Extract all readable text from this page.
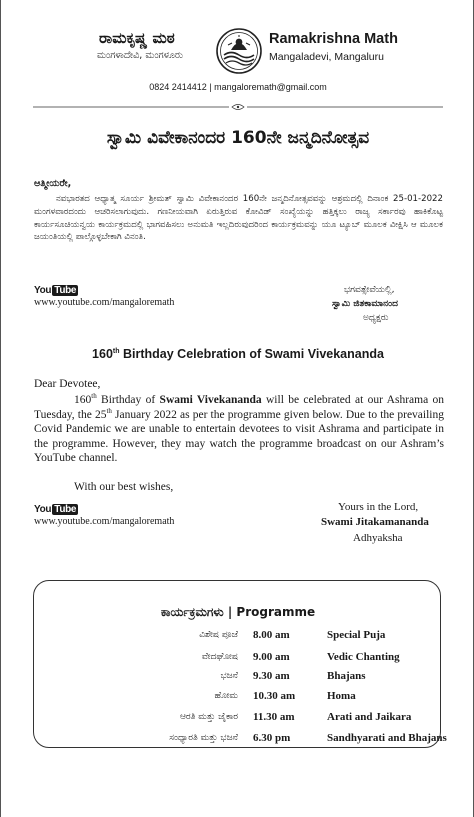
ರಾಮಕೃಷ್ಣ ಮಠ
ಮಂಗಳಾದೇವಿ, ಮಂಗಳೂರು
Ramakrishna Math
Mangaladevi, Mangaluru
0824 2414412 | mangaloremath@gmail.com
ಸ್ವಾಮಿ ವಿವೇಕಾನಂದರ 160ನೇ ಜನ್ಮದಿನೋತ್ಸವ
ಆತ್ಮೀಯರೇ,
ನವಭಾರತದ ಆಧ್ಯಾತ್ಮ ಸೂರ್ಯ ಶ್ರೀಮತ್ ಸ್ವಾಮಿ ವಿವೇಕಾನಂದರ 160ನೇ ಜನ್ಮದಿನೋತ್ಸವವನ್ನು ಆಶ್ರಮದಲ್ಲಿ ದಿನಾಂಕ 25-01-2022 ಮಂಗಳವಾರದಂದು ಆಚರಿಸಲಾಗುವುದು. ಗಣನೀಯವಾಗಿ ಏರುತ್ತಿರುವ ಕೋವಿಡ್ ಸಂಖ್ಯೆಯನ್ನು ಹತ್ತಿಕ್ಕಲು ರಾಜ್ಯ ಸರ್ಕಾರವು ಹಾಕಿಕೊಟ್ಟ ಕಾರ್ಯಸೂಚಿಯನ್ವಯ ಕಾರ್ಯಕ್ರಮದಲ್ಲಿ ಭಾಗವಹಿಸಲು ಅನುಮತಿ ಇಲ್ಲದಿರುವುದರಿಂದ ಕಾರ್ಯಕ್ರಮವನ್ನು ಯೂ ಟ್ಯೂಬ್ ಮೂಲಕ ವೀಕ್ಷಿಸಿ ಆ ಮೂಲಕ ಜಯಂತಿಯಲ್ಲಿ ಪಾಲ್ಗೊಳ್ಳಬೇಕಾಗಿ ವಿನಂತಿ.
You Tube
www.youtube.com/mangaloremath
ಭಗವತ್ಸೇವೆಯಲ್ಲಿ,
ಸ್ವಾಮಿ ಜಿತಕಾಮಾನಂದ
ಅಧ್ಯಕ್ಷರು
160th Birthday Celebration of Swami Vivekananda
Dear Devotee,
160th Birthday of Swami Vivekananda will be celebrated at our Ashrama on Tuesday, the 25th January 2022 as per the programme given below. Due to the prevailing Covid Pandemic we are unable to entertain devotees to visit Ashrama and participate in the programme. However, they may watch the programme broadcast on our Ashram’s YouTube channel.
With our best wishes,
You Tube
www.youtube.com/mangaloremath
Yours in the Lord,
Swami Jitakamananda
Adhyaksha
ಕಾರ್ಯಕ್ರಮಗಳು | Programme
ವಿಶೇಷ ಪೂಜೆ 8.00 am	Special Puja
ವೇದಘೋಷ 9.00 am	Vedic Chanting
ಭಜನೆ 9.30 am	Bhajans
ಹೋಮ 10.30 am	Homa
ಆರತಿ ಮತ್ತು ಜೈಕಾರ 11.30 am	Arati and Jaikara
ಸಂಧ್ಯಾರತಿ ಮತ್ತು ಭಜನೆ 6.30 pm	Sandhyarati and Bhajans
